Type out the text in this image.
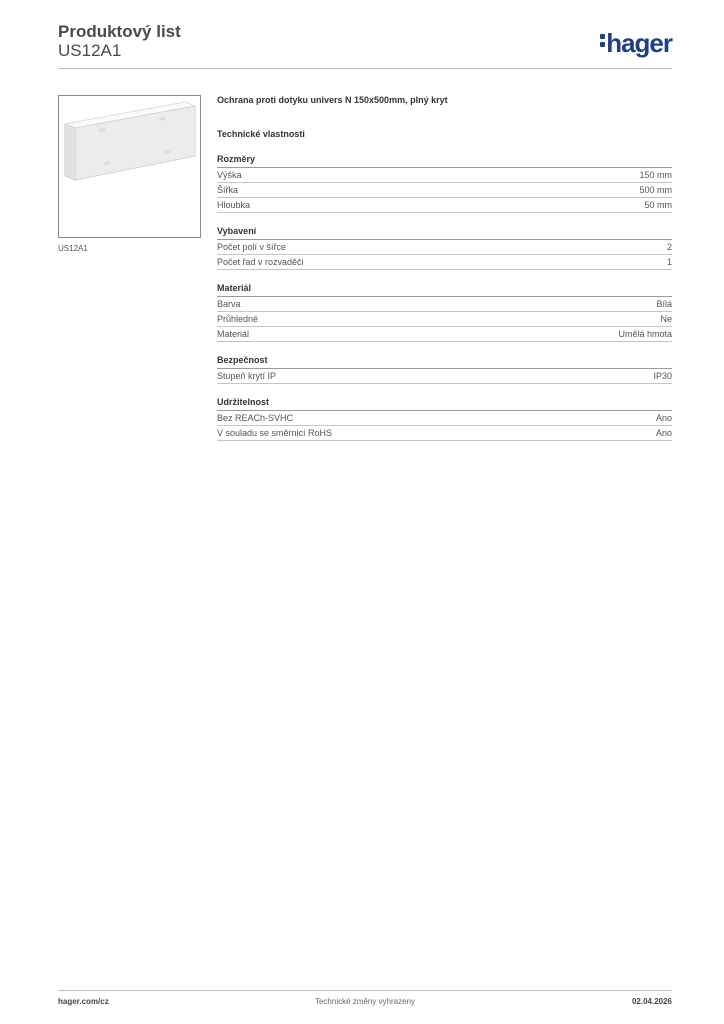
Produktový list
US12A1	hager
US12A1
Ochrana proti dotyku univers N 150x500mm, plný kryt
Technické vlastnosti
Rozměry
Výška	150 mm
Šířka	500 mm
Hloubka	50 mm
Vybavení
Počet polí v šířce	2
Počet řad v rozvaděči	1
Materiál
Barva	Bílá
Průhledné	Ne
Materiál	Umělá hmota
Bezpečnost
Stupeň krytí IP	IP30
Udržitelnost
Bez REACh-SVHC	Ano
V souladu se směrnicí RoHS	Ano
hager.com/cz	Technické změny vyhrazeny	02.04.2026
